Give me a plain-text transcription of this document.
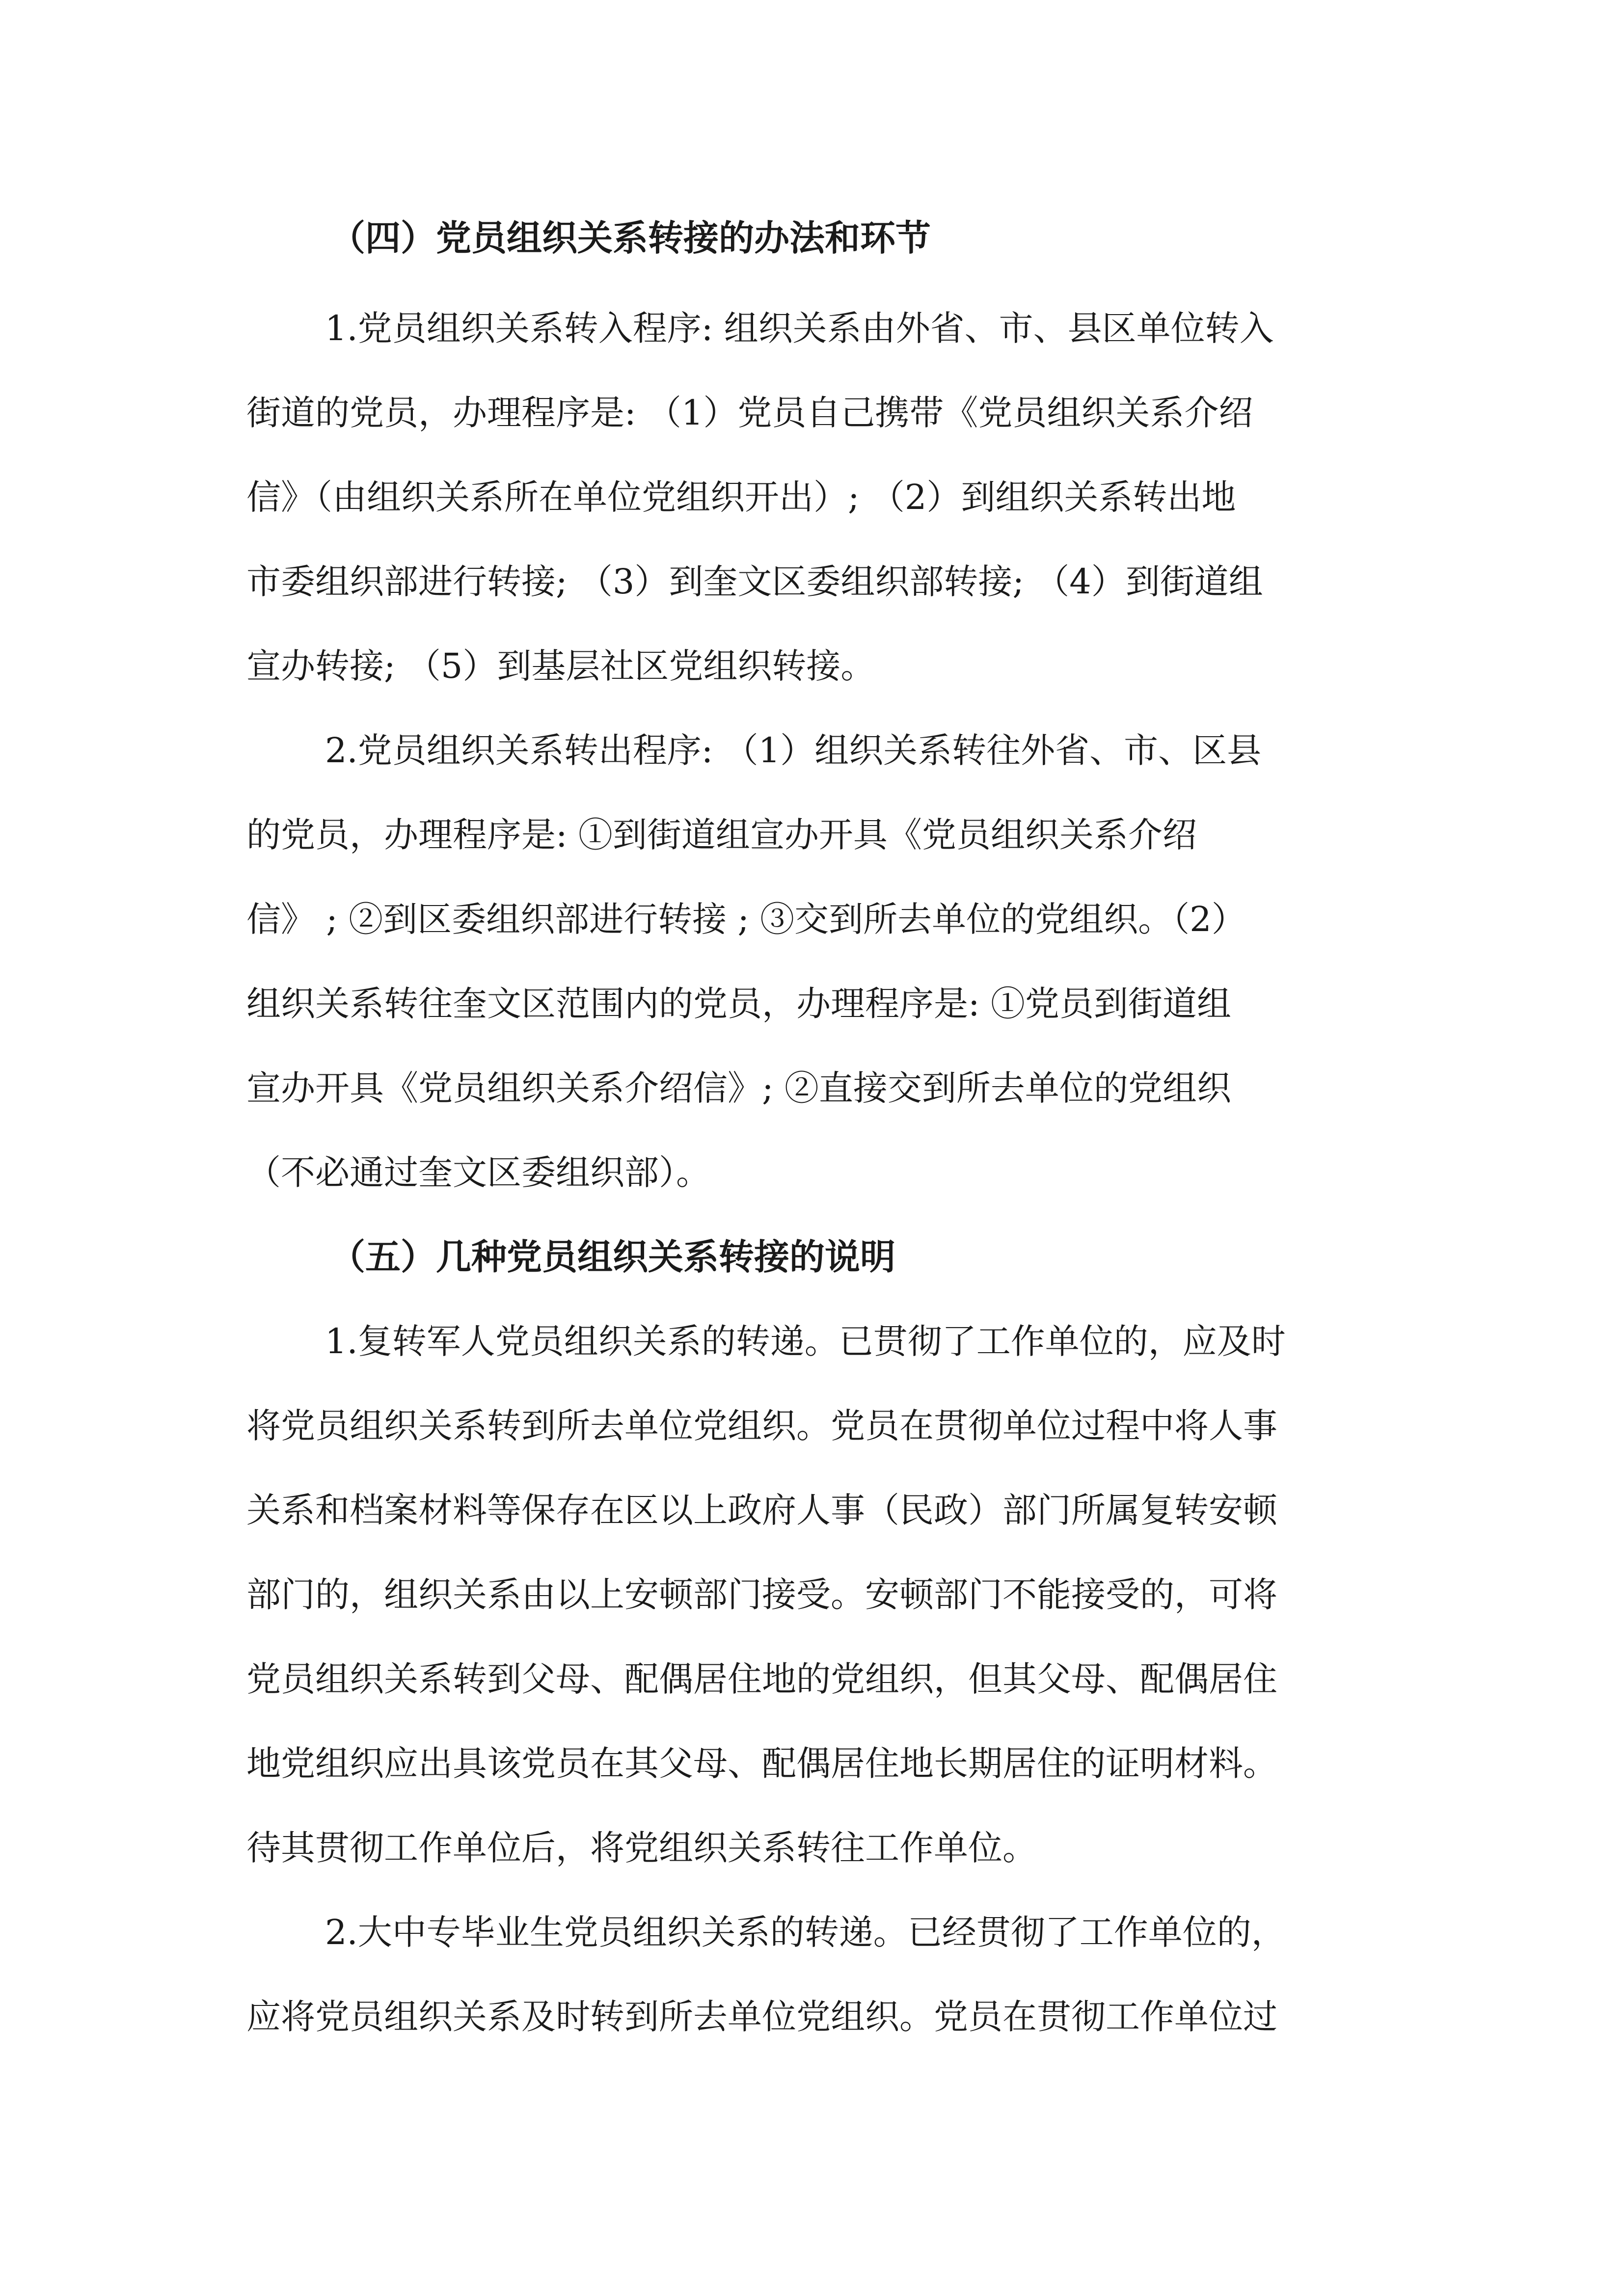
（四）党员组织关系转接的办法和环节
1.党员组织关系转入程序: 组织关系由外省、市、县区单位转入
街道的党员，办理程序是: （1）党员自己携带《党员组织关系介绍
信》（由组织关系所在单位党组织开出）; （2）到组织关系转出地
市委组织部进行转接; （3）到奎文区委组织部转接; （4）到街道组
宣办转接; （5）到基层社区党组织转接。
2.党员组织关系转出程序: （1）组织关系转往外省、市、区县
的党员，办理程序是: ①到街道组宣办开具《党员组织关系介绍
信》 ; ②到区委组织部进行转接 ; ③交到所去单位的党组织。（2）
组织关系转往奎文区范围内的党员，办理程序是: ①党员到街道组
宣办开具《党员组织关系介绍信》; ②直接交到所去单位的党组织
（不必通过奎文区委组织部）。
（五）几种党员组织关系转接的说明
1.复转军人党员组织关系的转递。已贯彻了工作单位的，应及时
将党员组织关系转到所去单位党组织。党员在贯彻单位过程中将人事
关系和档案材料等保存在区以上政府人事（民政）部门所属复转安顿
部门的，组织关系由以上安顿部门接受。安顿部门不能接受的，可将
党员组织关系转到父母、配偶居住地的党组织，但其父母、配偶居住
地党组织应出具该党员在其父母、配偶居住地长期居住的证明材料。
待其贯彻工作单位后，将党组织关系转往工作单位。
2.大中专毕业生党员组织关系的转递。已经贯彻了工作单位的，
应将党员组织关系及时转到所去单位党组织。党员在贯彻工作单位过
